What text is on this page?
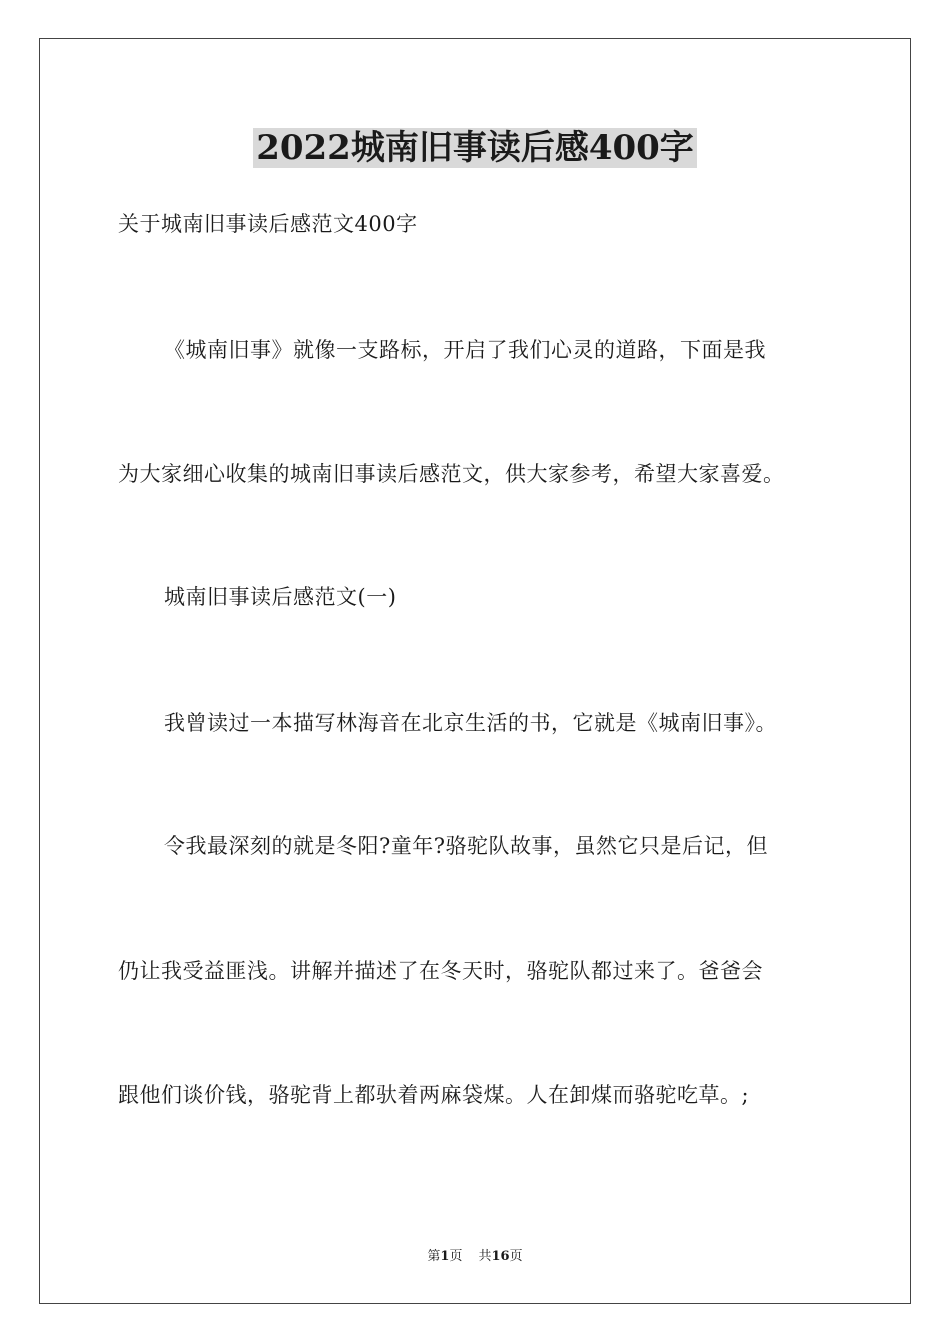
2022城南旧事读后感400字

关于城南旧事读后感范文400字

《城南旧事》就像一支路标，开启了我们心灵的道路，下面是我

为大家细心收集的城南旧事读后感范文，供大家参考，希望大家喜爱。

城南旧事读后感范文(一)

我曾读过一本描写林海音在北京生活的书，它就是《城南旧事》。

令我最深刻的就是冬阳?童年?骆驼队故事，虽然它只是后记，但

仍让我受益匪浅。讲解并描述了在冬天时，骆驼队都过来了。爸爸会

跟他们谈价钱，骆驼背上都驮着两麻袋煤。人在卸煤而骆驼吃草。;

第1页 共16页
